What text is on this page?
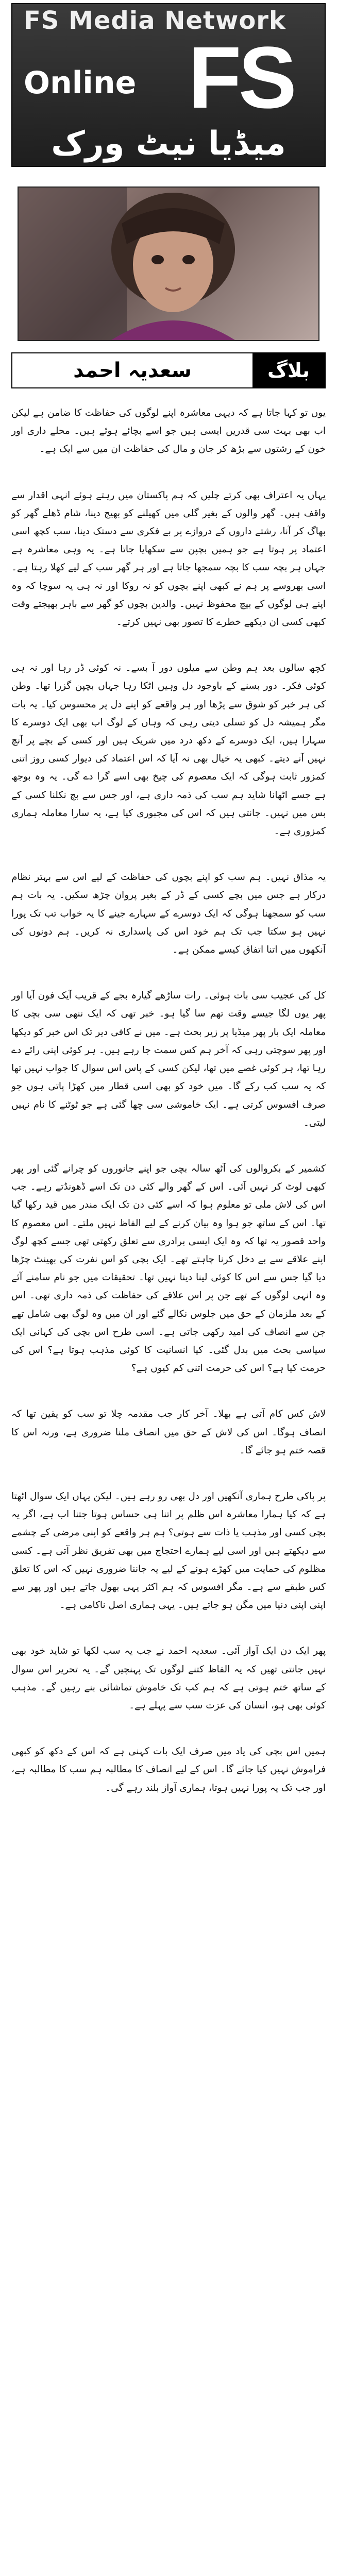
FS Media Network
Online FS
میڈیا نیٹ ورک
سعدیہ احمد	بلاگ

یوں تو کہا جاتا ہے کہ دیہی معاشرہ اپنے لوگوں کی حفاظت کا ضامن ہے لیکن اب بھی بہت سی قدریں ایسی ہیں جو اسے بچائے ہوئے ہیں۔ محلے داری اور خون کے رشتوں سے بڑھ کر جان و مال کی حفاظت ان میں سے ایک ہے۔

یہاں یہ اعتراف بھی کرتے چلیں کہ ہم پاکستان میں رہتے ہوئے انہی اقدار سے واقف ہیں۔ گھر والوں کے بغیر گلی میں کھیلنے کو بھیج دینا، شام ڈھلے گھر کو بھاگ کر آنا، رشتے داروں کے دروازے پر بے فکری سے دستک دینا، سب کچھ اسی اعتماد پر ہوتا ہے جو ہمیں بچپن سے سکھایا جاتا ہے۔ یہ وہی معاشرہ ہے جہاں ہر بچہ سب کا بچہ سمجھا جاتا ہے اور ہر گھر سب کے لیے کھلا رہتا ہے۔ اسی بھروسے پر ہم نے کبھی اپنے بچوں کو نہ روکا اور نہ ہی یہ سوچا کہ وہ اپنے ہی لوگوں کے بیچ محفوظ نہیں۔ والدین بچوں کو گھر سے باہر بھیجتے وقت کبھی کسی ان دیکھے خطرے کا تصور بھی نہیں کرتے۔

کچھ سالوں بعد ہم وطن سے میلوں دور آ بسے۔ نہ کوئی ڈر رہا اور نہ ہی کوئی فکر۔ دور بسنے کے باوجود دل وہیں اٹکا رہا جہاں بچپن گزرا تھا۔ وطن کی ہر خبر کو شوق سے پڑھا اور ہر واقعے کو اپنے دل پر محسوس کیا۔ یہ بات مگر ہمیشہ دل کو تسلی دیتی رہی کہ وہاں کے لوگ اب بھی ایک دوسرے کا سہارا ہیں، ایک دوسرے کے دکھ درد میں شریک ہیں اور کسی کے بچے پر آنچ نہیں آنے دیتے۔ کبھی یہ خیال بھی نہ آیا کہ اس اعتماد کی دیوار کسی روز اتنی کمزور ثابت ہوگی کہ ایک معصوم کی چیخ بھی اسے گرا دے گی۔ یہ وہ بوجھ ہے جسے اٹھانا شاید ہم سب کی ذمہ داری ہے، اور جس سے بچ نکلنا کسی کے بس میں نہیں۔ جانتی ہیں کہ اس کی مجبوری کیا ہے، یہ سارا معاملہ ہماری کمزوری ہے۔

یہ مذاق نہیں۔ ہم سب کو اپنے بچوں کی حفاظت کے لیے اس سے بہتر نظام درکار ہے جس میں بچے کسی کے ڈر کے بغیر پروان چڑھ سکیں۔ یہ بات ہم سب کو سمجھنا ہوگی کہ ایک دوسرے کے سہارے جینے کا یہ خواب تب تک پورا نہیں ہو سکتا جب تک ہم خود اس کی پاسداری نہ کریں۔ ہم دونوں کی آنکھوں میں اتنا اتفاق کیسے ممکن ہے۔

کل کی عجیب سی بات ہوئی۔ رات ساڑھے گیارہ بجے کے قریب آیک فون آیا اور پھر یوں لگا جیسے وقت تھم سا گیا ہو۔ خبر تھی کہ ایک ننھی سی بچی کا معاملہ ایک بار پھر میڈیا پر زیر بحث ہے۔ میں نے کافی دیر تک اس خبر کو دیکھا اور پھر سوچتی رہی کہ آخر ہم کس سمت جا رہے ہیں۔ ہر کوئی اپنی رائے دے رہا تھا، ہر کوئی غصے میں تھا، لیکن کسی کے پاس اس سوال کا جواب نہیں تھا کہ یہ سب کب رکے گا۔ میں خود کو بھی اسی قطار میں کھڑا پاتی ہوں جو صرف افسوس کرتی ہے۔ ایک خاموشی سی چھا گئی ہے جو ٹوٹنے کا نام نہیں لیتی۔

کشمیر کے بکروالوں کی آٹھ سالہ بچی جو اپنے جانوروں کو چرانے گئی اور پھر کبھی لوٹ کر نہیں آئی۔ اس کے گھر والے کئی دن تک اسے ڈھونڈتے رہے۔ جب اس کی لاش ملی تو معلوم ہوا کہ اسے کئی دن تک ایک مندر میں قید رکھا گیا تھا۔ اس کے ساتھ جو ہوا وہ بیان کرنے کے لیے الفاظ نہیں ملتے۔ اس معصوم کا واحد قصور یہ تھا کہ وہ ایک ایسی برادری سے تعلق رکھتی تھی جسے کچھ لوگ اپنے علاقے سے بے دخل کرنا چاہتے تھے۔ ایک بچی کو اس نفرت کی بھینٹ چڑھا دیا گیا جس سے اس کا کوئی لینا دینا نہیں تھا۔ تحقیقات میں جو نام سامنے آئے وہ انہی لوگوں کے تھے جن پر اس علاقے کی حفاظت کی ذمہ داری تھی۔ اس کے بعد ملزمان کے حق میں جلوس نکالے گئے اور ان میں وہ لوگ بھی شامل تھے جن سے انصاف کی امید رکھی جاتی ہے۔ اسی طرح اس بچی کی کہانی ایک سیاسی بحث میں بدل گئی۔ کیا انسانیت کا کوئی مذہب ہوتا ہے؟ اس کی حرمت کیا ہے؟ اس کی حرمت اتنی کم کیوں ہے؟

لاش کس کام آتی ہے بھلا۔ آخر کار جب مقدمہ چلا تو سب کو یقین تھا کہ انصاف ہوگا۔ اس کی لاش کے حق میں انصاف ملنا ضروری ہے، ورنہ اس کا قصہ ختم ہو جائے گا۔

پر پاکی طرح ہماری آنکھیں اور دل بھی رو رہے ہیں۔ لیکن یہاں ایک سوال اٹھتا ہے کہ کیا ہمارا معاشرہ اس ظلم پر اتنا ہی حساس ہوتا جتنا اب ہے، اگر یہ بچی کسی اور مذہب یا ذات سے ہوتی؟ ہم ہر واقعے کو اپنی مرضی کے چشمے سے دیکھتے ہیں اور اسی لیے ہمارے احتجاج میں بھی تفریق نظر آتی ہے۔ کسی مظلوم کی حمایت میں کھڑے ہونے کے لیے یہ جاننا ضروری نہیں کہ اس کا تعلق کس طبقے سے ہے۔ مگر افسوس کہ ہم اکثر یہی بھول جاتے ہیں اور پھر سے اپنی اپنی دنیا میں مگن ہو جاتے ہیں۔ یہی ہماری اصل ناکامی ہے۔

پھر ایک دن ایک آواز آئی۔ سعدیہ احمد نے جب یہ سب لکھا تو شاید خود بھی نہیں جانتی تھیں کہ یہ الفاظ کتنے لوگوں تک پہنچیں گے۔ یہ تحریر اس سوال کے ساتھ ختم ہوتی ہے کہ ہم کب تک خاموش تماشائی بنے رہیں گے۔ مذہب کوئی بھی ہو، انسان کی عزت سب سے پہلے ہے۔

ہمیں اس بچی کی یاد میں صرف ایک بات کہنی ہے کہ اس کے دکھ کو کبھی فراموش نہیں کیا جائے گا۔ اس کے لیے انصاف کا مطالبہ ہم سب کا مطالبہ ہے، اور جب تک یہ پورا نہیں ہوتا، ہماری آواز بلند رہے گی۔
